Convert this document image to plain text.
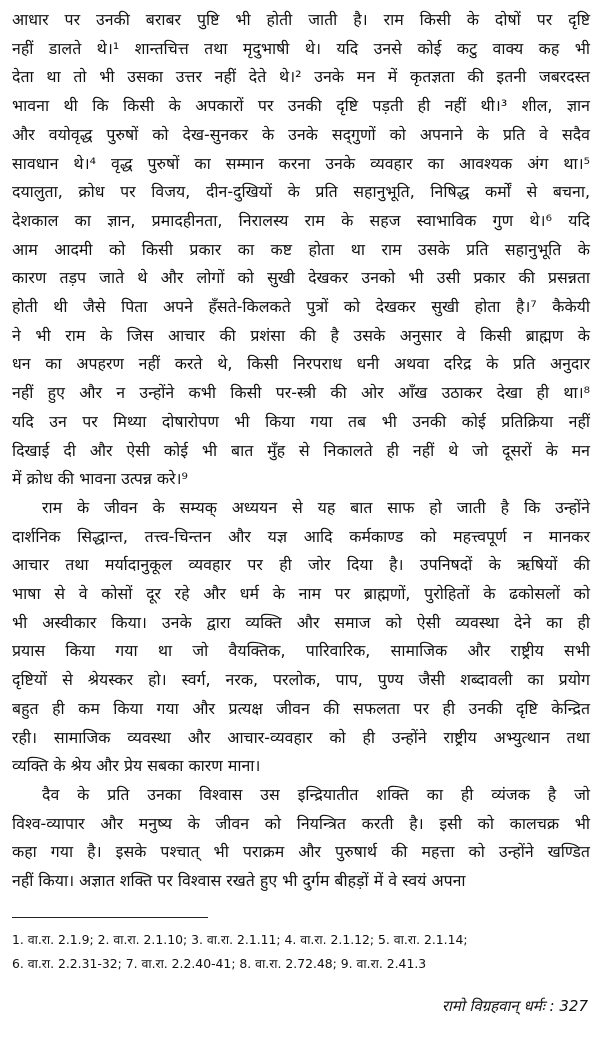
आधार पर उनकी बराबर पुष्टि भी होती जाती है। राम किसी के दोषों पर दृष्टि
नहीं डालते थे।¹ शान्तचित्त तथा मृदुभाषी थे। यदि उनसे कोई कटु वाक्य कह भी
देता था तो भी उसका उत्तर नहीं देते थे।² उनके मन में कृतज्ञता की इतनी जबरदस्त
भावना थी कि किसी के अपकारों पर उनकी दृष्टि पड़ती ही नहीं थी।³ शील, ज्ञान
और वयोवृद्ध पुरुषों को देख-सुनकर के उनके सद्‌गुणों को अपनाने के प्रति वे सदैव
सावधान थे।⁴ वृद्ध पुरुषों का सम्मान करना उनके व्यवहार का आवश्यक अंग था।⁵
दयालुता, क्रोध पर विजय, दीन-दुखियों के प्रति सहानुभूति, निषिद्ध कर्मों से बचना,
देशकाल का ज्ञान, प्रमादहीनता, निरालस्य राम के सहज स्वाभाविक गुण थे।⁶ यदि
आम आदमी को किसी प्रकार का कष्ट होता था राम उसके प्रति सहानुभूति के
कारण तड़प जाते थे और लोगों को सुखी देखकर उनको भी उसी प्रकार की प्रसन्नता
होती थी जैसे पिता अपने हँसते-किलकते पुत्रों को देखकर सुखी होता है।⁷ कैकेयी
ने भी राम के जिस आचार की प्रशंसा की है उसके अनुसार वे किसी ब्राह्मण के
धन का अपहरण नहीं करते थे, किसी निरपराध धनी अथवा दरिद्र के प्रति अनुदार
नहीं हुए और न उन्होंने कभी किसी पर-स्त्री की ओर आँख उठाकर देखा ही था।⁸
यदि उन पर मिथ्या दोषारोपण भी किया गया तब भी उनकी कोई प्रतिक्रिया नहीं
दिखाई दी और ऐसी कोई भी बात मुँह से निकालते ही नहीं थे जो दूसरों के मन
में क्रोध की भावना उत्पन्न करे।⁹
राम के जीवन के सम्यक् अध्ययन से यह बात साफ हो जाती है कि उन्होंने
दार्शनिक सिद्धान्त, तत्त्व-चिन्तन और यज्ञ आदि कर्मकाण्ड को महत्त्वपूर्ण न मानकर
आचार तथा मर्यादानुकूल व्यवहार पर ही जोर दिया है। उपनिषदों के ऋषियों की
भाषा से वे कोसों दूर रहे और धर्म के नाम पर ब्राह्मणों, पुरोहितों के ढकोसलों को
भी अस्वीकार किया। उनके द्वारा व्यक्ति और समाज को ऐसी व्यवस्था देने का ही
प्रयास किया गया था जो वैयक्तिक, पारिवारिक, सामाजिक और राष्ट्रीय सभी
दृष्टियों से श्रेयस्कर हो। स्वर्ग, नरक, परलोक, पाप, पुण्य जैसी शब्दावली का प्रयोग
बहुत ही कम किया गया और प्रत्यक्ष जीवन की सफलता पर ही उनकी दृष्टि केन्द्रित
रही। सामाजिक व्यवस्था और आचार-व्यवहार को ही उन्होंने राष्ट्रीय अभ्युत्थान तथा
व्यक्ति के श्रेय और प्रेय सबका कारण माना।
दैव के प्रति उनका विश्वास उस इन्द्रियातीत शक्ति का ही व्यंजक है जो
विश्व-व्यापार और मनुष्य के जीवन को नियन्त्रित करती है। इसी को कालचक्र भी
कहा गया है। इसके पश्चात् भी पराक्रम और पुरुषार्थ की महत्ता को उन्होंने खण्डित
नहीं किया। अज्ञात शक्ति पर विश्वास रखते हुए भी दुर्गम बीहड़ों में वे स्वयं अपना
1. वा.रा. 2.1.9; 2. वा.रा. 2.1.10; 3. वा.रा. 2.1.11; 4. वा.रा. 2.1.12; 5. वा.रा. 2.1.14;
6. वा.रा. 2.2.31-32; 7. वा.रा. 2.2.40-41; 8. वा.रा. 2.72.48; 9. वा.रा. 2.41.3
रामो विग्रहवान् धर्मः : 327
